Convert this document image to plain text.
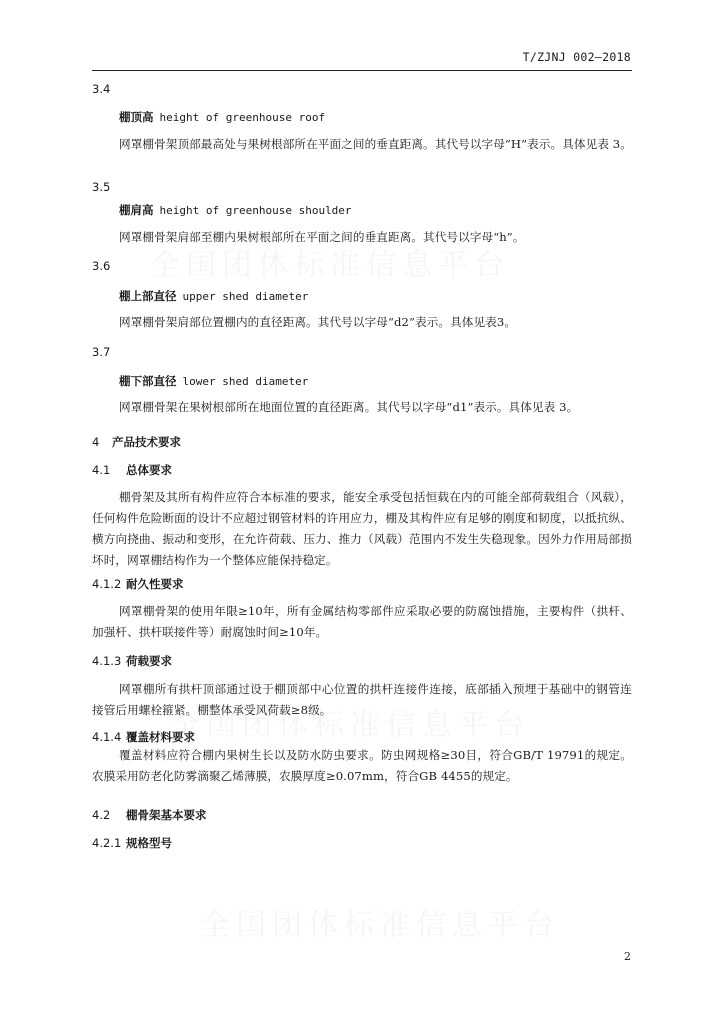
T/ZJNJ 002—2018
3.4
棚顶高 height of greenhouse roof
网罩棚骨架顶部最高处与果树根部所在平面之间的垂直距离。其代号以字母“H”表示。具体见表 3。
3.5
棚肩高 height of greenhouse shoulder
网罩棚骨架肩部至棚内果树根部所在平面之间的垂直距离。其代号以字母“h”。
3.6
棚上部直径 upper shed diameter
网罩棚骨架肩部位置棚内的直径距离。其代号以字母“d2”表示。具体见表3。
3.7
棚下部直径 lower shed diameter
网罩棚骨架在果树根部所在地面位置的直径距离。其代号以字母“d1”表示。具体见表 3。
4 产品技术要求
4.1 总体要求
棚骨架及其所有构件应符合本标准的要求，能安全承受包括恒载在内的可能全部荷载组合（风载），任何构件危险断面的设计不应超过钢管材料的许用应力，棚及其构件应有足够的刚度和韧度，以抵抗纵、横方向挠曲、振动和变形，在允许荷载、压力、推力（风载）范围内不发生失稳现象。因外力作用局部损坏时，网罩棚结构作为一个整体应能保持稳定。
4.1.2 耐久性要求
网罩棚骨架的使用年限≥10年，所有金属结构零部件应采取必要的防腐蚀措施，主要构件（拱杆、加强杆、拱杆联接件等）耐腐蚀时间≥10年。
4.1.3 荷载要求
网罩棚所有拱杆顶部通过设于棚顶部中心位置的拱杆连接件连接，底部插入预埋于基础中的钢管连接管后用螺栓箍紧。棚整体承受风荷载≥8级。
4.1.4 覆盖材料要求
覆盖材料应符合棚内果树生长以及防水防虫要求。防虫网规格≥30目，符合GB/T 19791的规定。农膜采用防老化防雾滴聚乙烯薄膜，农膜厚度≥0.07mm，符合GB 4455的规定。
4.2 棚骨架基本要求
4.2.1 规格型号
2
